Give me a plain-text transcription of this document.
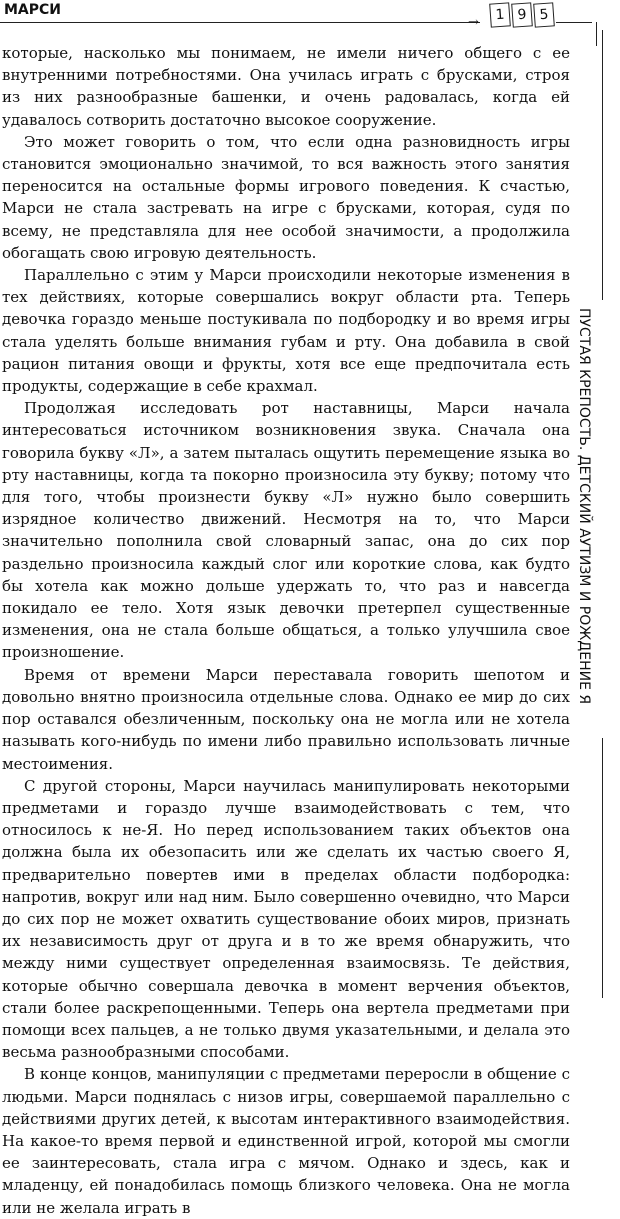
МАРСИ
→	1 9 5

которые, насколько мы понимаем, не имели ничего общего с ее внутренними потребностями. Она училась играть с брусками, строя из них разнообразные башенки, и очень радовалась, когда ей удавалось сотворить достаточно высокое сооружение.

Это может говорить о том, что если одна разновидность игры становится эмоционально значимой, то вся важность этого занятия переносится на остальные формы игрового поведения. К счастью, Марси не стала застревать на игре с брусками, которая, судя по всему, не представляла для нее особой значимости, а продолжила обогащать свою игровую деятельность.

Параллельно с этим у Марси происходили некоторые изменения в тех действиях, которые совершались вокруг области рта. Теперь девочка гораздо меньше постукивала по подбородку и во время игры стала уделять больше внимания губам и рту. Она добавила в свой рацион питания овощи и фрукты, хотя все еще предпочитала есть продукты, содержащие в себе крахмал.

Продолжая исследовать рот наставницы, Марси начала интересоваться источником возникновения звука. Сначала она говорила букву «Л», а затем пыталась ощутить перемещение языка во рту наставницы, когда та покорно произносила эту букву; потому что для того, чтобы произнести букву «Л» нужно было совершить изрядное количество движений. Несмотря на то, что Марси значительно пополнила свой словарный запас, она до сих пор раздельно произносила каждый слог или короткие слова, как будто бы хотела как можно дольше удержать то, что раз и навсегда покидало ее тело. Хотя язык девочки претерпел существенные изменения, она не стала больше общаться, а только улучшила свое произношение.

Время от времени Марси переставала говорить шепотом и довольно внятно произносила отдельные слова. Однако ее мир до сих пор оставался обезличенным, поскольку она не могла или не хотела называть кого-нибудь по имени либо правильно использовать личные местоимения.

С другой стороны, Марси научилась манипулировать некоторыми предметами и гораздо лучше взаимодействовать с тем, что относилось к не-Я. Но перед использованием таких объектов она должна была их обезопасить или же сделать их частью своего Я, предварительно повертев ими в пределах области подбородка: напротив, вокруг или над ним. Было совершенно очевидно, что Марси до сих пор не может охватить существование обоих миров, признать их независимость друг от друга и в то же время обнаружить, что между ними существует определенная взаимосвязь. Те действия, которые обычно совершала девочка в момент верчения объектов, стали более раскрепощенными. Теперь она вертела предметами при помощи всех пальцев, а не только двумя указательными, и делала это весьма разнообразными способами.

В конце концов, манипуляции с предметами переросли в общение с людьми. Марси поднялась с низов игры, совершаемой параллельно с действиями других детей, к высотам интерактивного взаимодействия. На какое-то время первой и единственной игрой, которой мы смогли ее заинтересовать, стала игра с мячом. Однако и здесь, как и младенцу, ей понадобилась помощь близкого человека. Она не могла или не желала играть в

ПУСТАЯ КРЕПОСТЬ. ДЕТСКИЙ АУТИЗМ И РОЖДЕНИЕ Я
